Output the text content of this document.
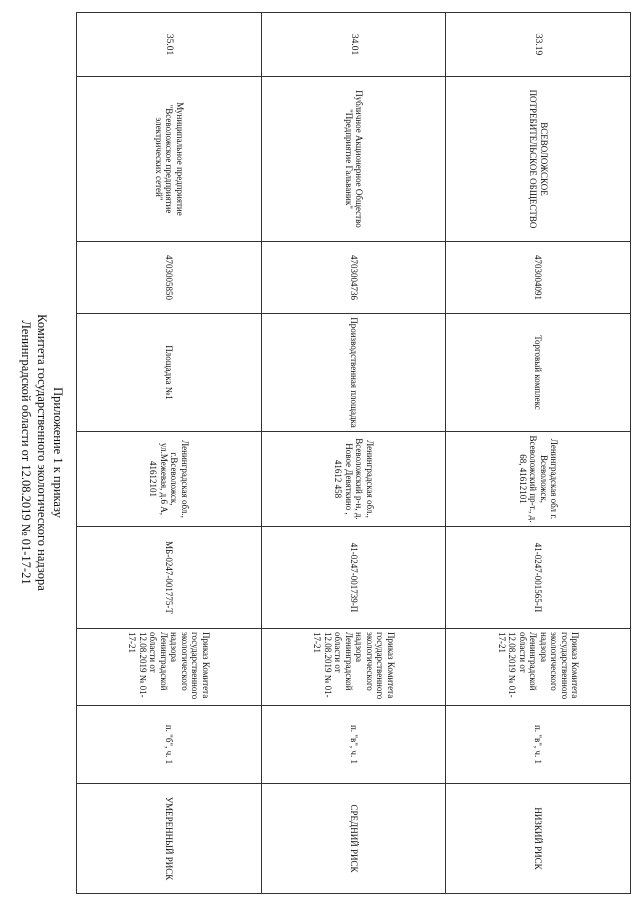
Приложение 1 к приказу
Комитета государственного экологического надзора
Ленинградской области от 12.08.2019 № 01-17-21
33.19	ВСЕВОЛОЖСКОЕ ПОТРЕБИТЕЛЬСКОЕ ОБЩЕСТВО	4703004091	Торговый комплекс	Ленинградская обл г. Всеволожск, Всеволожский пр-т., д. 68, 41612101	41-0247-001565-П	Приказ Комитета государственного экологического надзора Ленинградской области от 12.08.2019 № 01-17-21	п. "в", ч. 1	НИЗКИЙ РИСК
34.01	Публичное Акционерное Общество "Предприятие Гальваник"	4703004736	Производственная площадка	Ленинградская обл., Всеволожский р-н, д. Новое Девяткино , 41612 458	41-0247-001739-П	Приказ Комитета государственного экологического надзора Ленинградской области от 12.08.2019 № 01-17-21	п. "в", ч. 1	СРЕДНИЙ РИСК
35.01	Муниципальное предприятие "Всеволожское предприятие электрических сетей"	4703005850	Площадка №1	Ленинградская обл., г.Всеволожск, ул.Межевая, д.6 А, 41612101	МБ-0247-001775-Т	Приказ Комитета государственного экологического надзора Ленинградской области от 12.08.2019 № 01-17-21	п. "б", ч. 1	УМЕРЕННЫЙ РИСК
